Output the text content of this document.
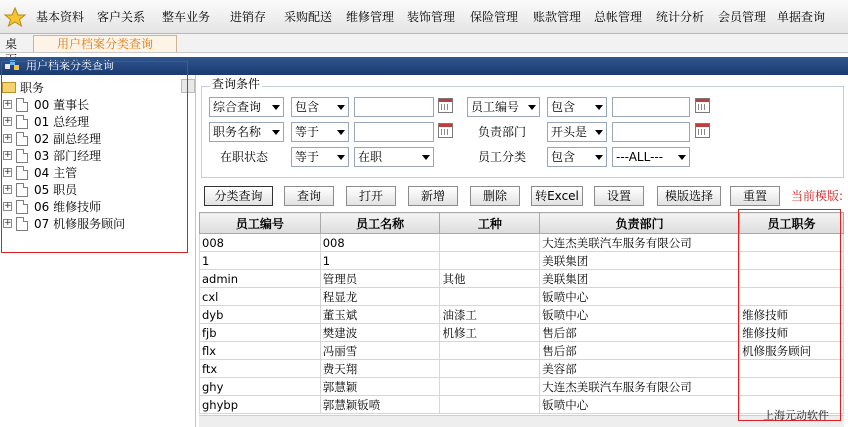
基本资料	客户关系	整车业务	进销存	采购配送	维修管理	装饰管理	保险管理	账款管理	总帐管理	统计分析	会员管理 单据查询
桌	用户档案分类查询
用户档案分类查询
职务
+ 00 董事长
+ 01 总经理
+ 02 副总经理
+ 03 部门经理
+ 04 主管
+ 05 职员
+ 06 维修技师
+ 07 机修服务顾问
查询条件
综合查询	包含	员工编号	包含
职务名称	等于	负责部门	开头是
在职状态	等于	在职	员工分类	包含	---ALL---
分类查询	查询	打开	新增	删除	转Excel	设置	模版选择	重置	当前模版:
员工编号	员工名称	工种	负责部门	员工职务
008	008		大连杰美联汽车服务有限公司	
1	1		美联集团	
admin	管理员	其他	美联集团	
cxl	程显龙		钣喷中心	
dyb	董玉斌	油漆工	钣喷中心	维修技师
fjb	樊建波	机修工	售后部	维修技师
flx	冯丽雪		售后部	机修服务顾问
ftx	费天翔		美容部	
ghy	郭慧颖		大连杰美联汽车服务有限公司	
ghybp	郭慧颖钣喷		钣喷中心	
上海元动软件
